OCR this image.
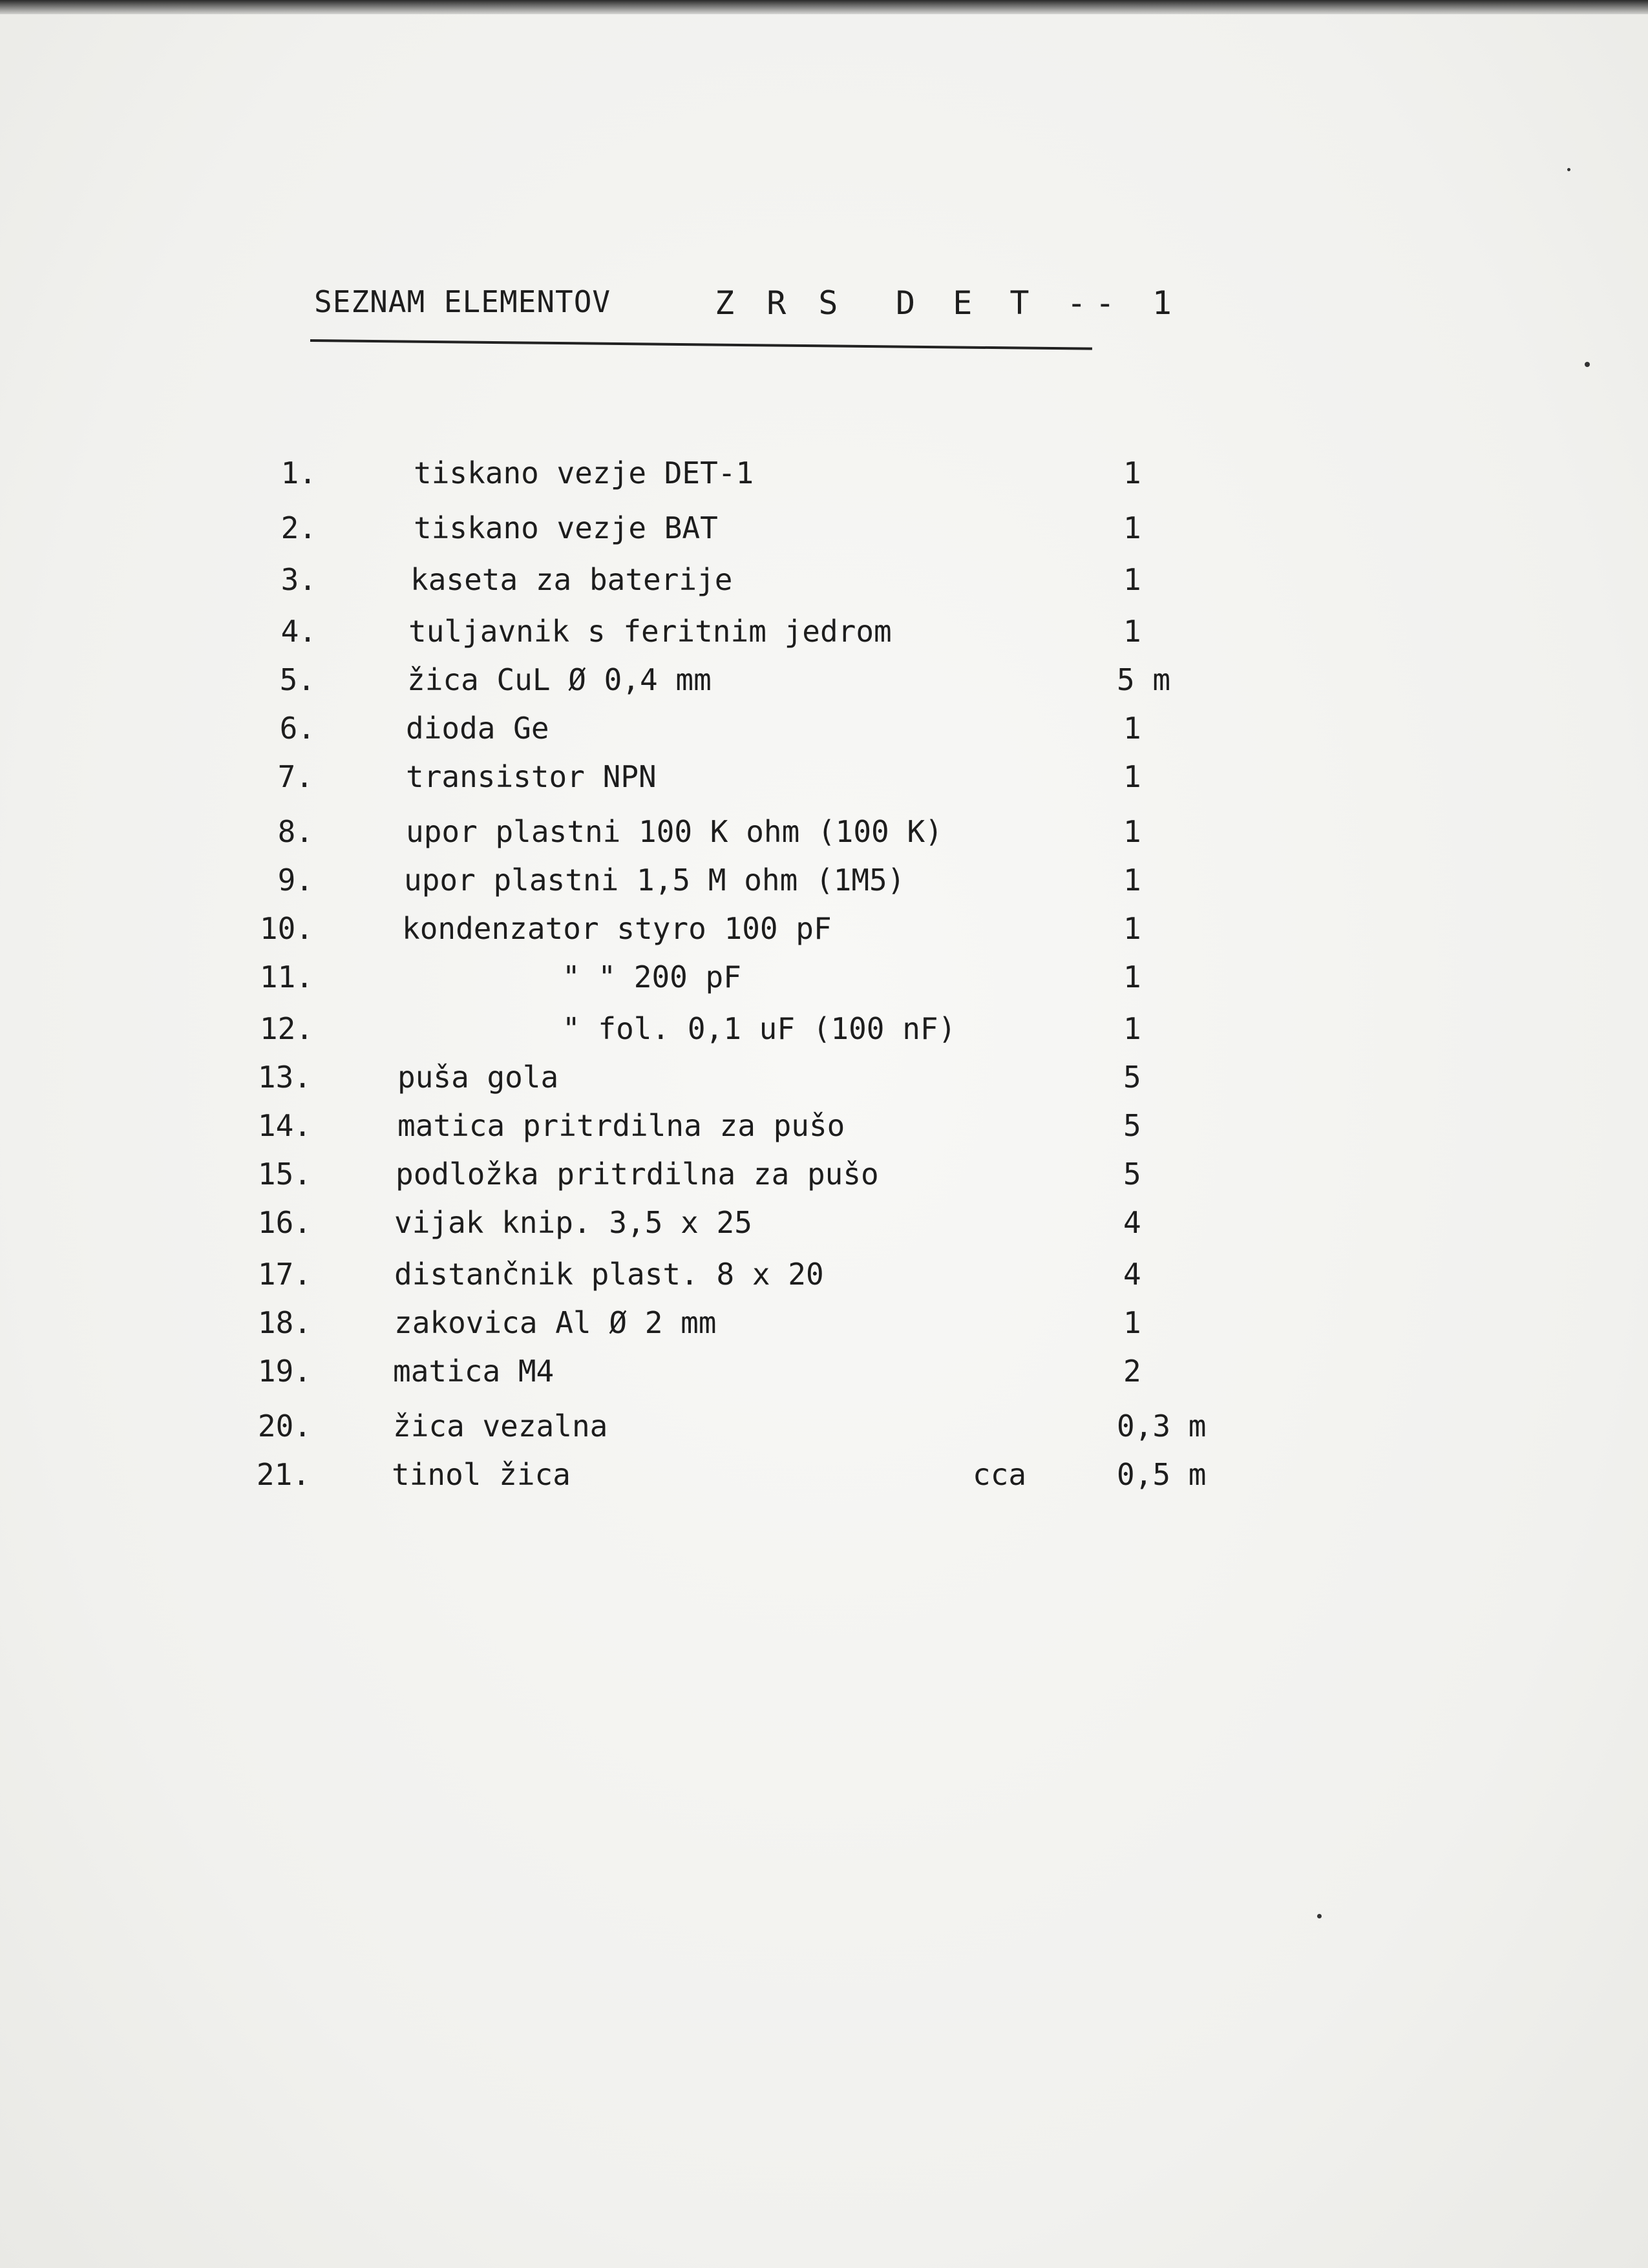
SEZNAM ELEMENTOV	Z R S D E T -- 1
1.	tiskano vezje DET-1	1
2.	tiskano vezje BAT	1
3.	kaseta za baterije	1
4.	tuljavnik s feritnim jedrom	1
5.	žica CuL Ø 0,4 mm	5 m
6.	dioda Ge	1
7.	transistor NPN	1
8.	upor plastni 100 K ohm (100 K)	1
9.	upor plastni 1,5 M ohm (1M5)	1
10.	kondenzator styro 100 pF	1
11.	" " 200 pF	1
12.	" fol. 0,1 uF (100 nF)	1
13.	puša gola	5
14.	matica pritrdilna za pušo	5
15.	podložka pritrdilna za pušo	5
16.	vijak knip. 3,5 x 25	4
17.	distančnik plast. 8 x 20	4
18.	zakovica Al Ø 2 mm	1
19.	matica M4	2
20.	žica vezalna	0,3 m
21.	tinol žica	cca	0,5 m
